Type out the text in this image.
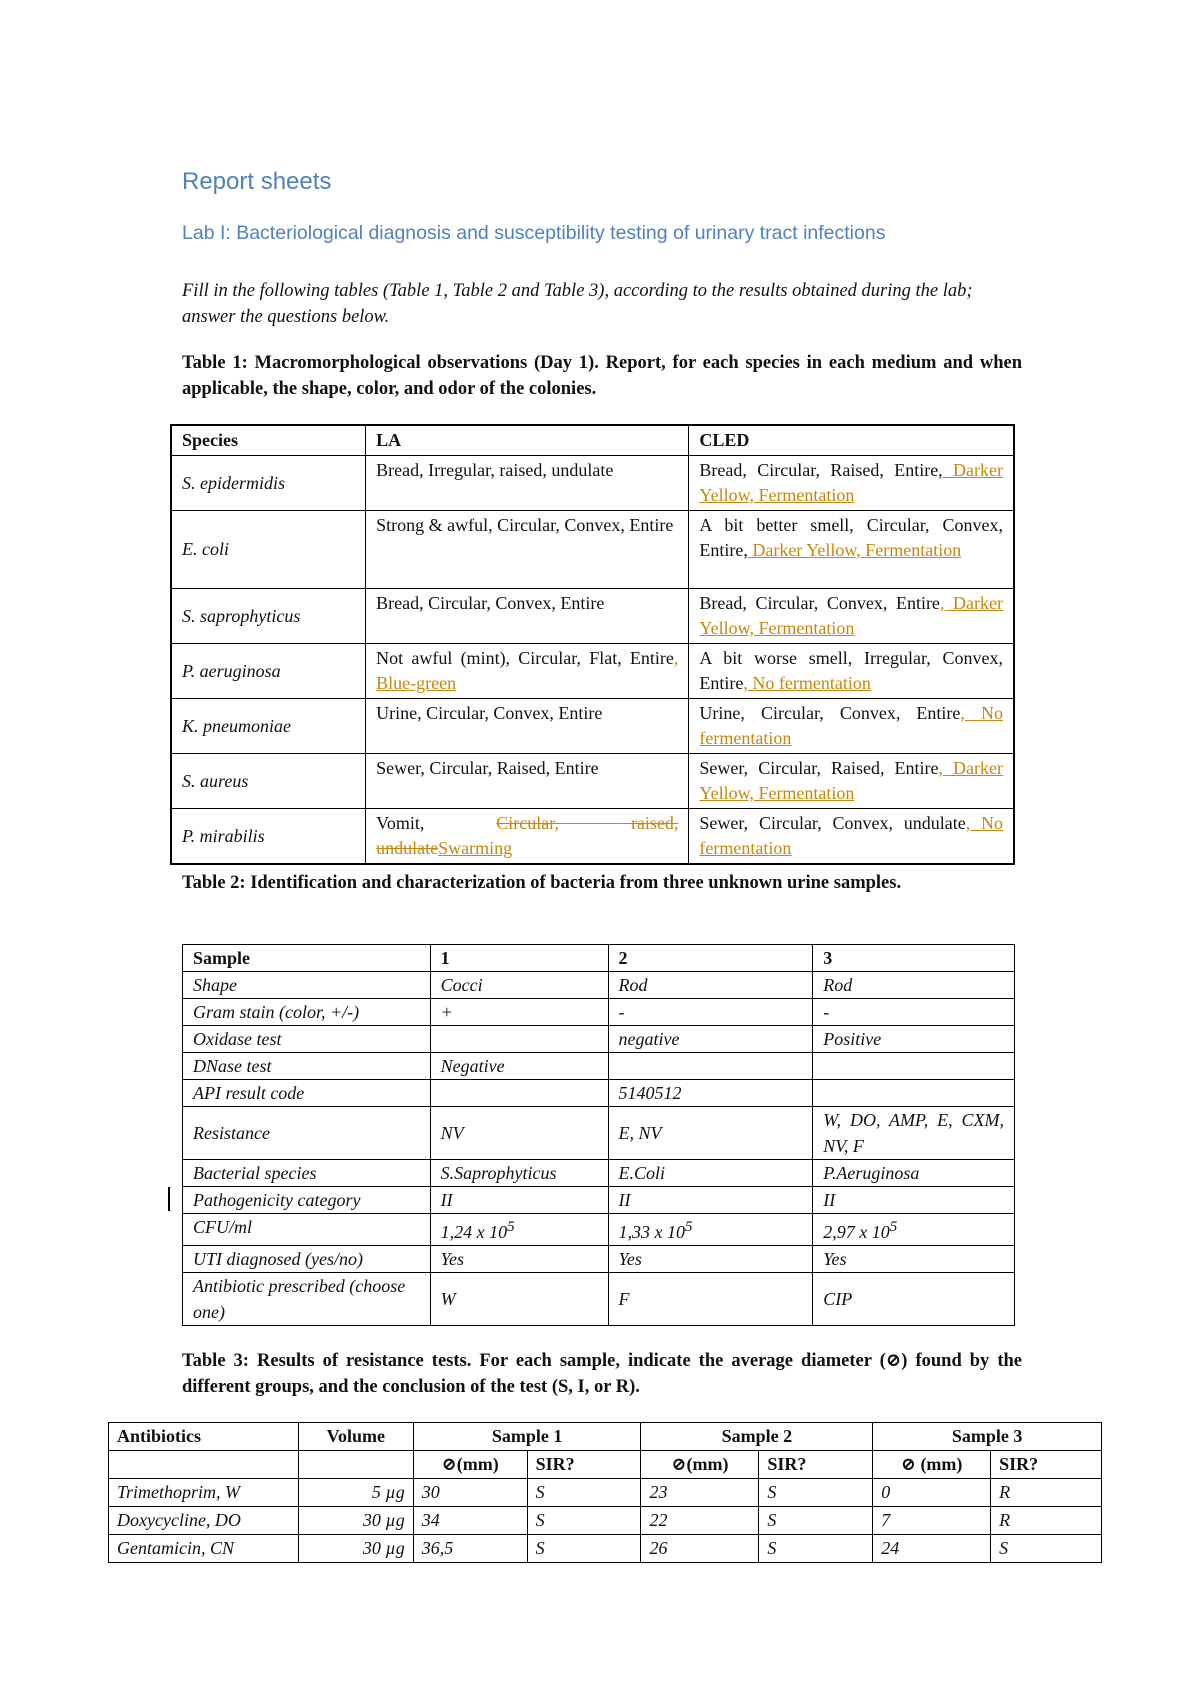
Report sheets
Lab I: Bacteriological diagnosis and susceptibility testing of urinary tract infections

Fill in the following tables (Table 1, Table 2 and Table 3), according to the results obtained during the lab; answer the questions below.

Table 1: Macromorphological observations (Day 1). Report, for each species in each medium and when applicable, the shape, color, and odor of the colonies.

Species	LA	CLED
S. epidermidis	Bread, Irregular, raised, undulate	Bread, Circular, Raised, Entire, Darker Yellow, Fermentation
E. coli	Strong & awful, Circular, Convex, Entire	A bit better smell, Circular, Convex, Entire, Darker Yellow, Fermentation
S. saprophyticus	Bread, Circular, Convex, Entire	Bread, Circular, Convex, Entire, Darker Yellow, Fermentation
P. aeruginosa	Not awful (mint), Circular, Flat, Entire, Blue-green	A bit worse smell, Irregular, Convex, Entire, No fermentation
K. pneumoniae	Urine, Circular, Convex, Entire	Urine, Circular, Convex, Entire, No fermentation
S. aureus	Sewer, Circular, Raised, Entire	Sewer, Circular, Raised, Entire, Darker Yellow, Fermentation
P. mirabilis	Vomit, Circular, raised, undulateSwarming	Sewer, Circular, Convex, undulate, No fermentation

Table 2: Identification and characterization of bacteria from three unknown urine samples.

Sample	1	2	3
Shape	Cocci	Rod	Rod
Gram stain (color, +/-)	+	-	-
Oxidase test		negative	Positive
DNase test	Negative		
API result code		5140512	
Resistance	NV	E, NV	W, DO, AMP, E, CXM, NV, F
Bacterial species	S.Saprophyticus	E.Coli	P.Aeruginosa
Pathogenicity category	II	II	II
CFU/ml	1,24 x $10^5$	1,33 x $10^5$	2,97 x $10^5$
UTI diagnosed (yes/no)	Yes	Yes	Yes
Antibiotic prescribed (choose one)	W	F	CIP

Table 3: Results of resistance tests. For each sample, indicate the average diameter (⊘) found by the different groups, and the conclusion of the test (S, I, or R).

Antibiotics	Volume	Sample 1		Sample 2		Sample 3	
		⊘(mm)	SIR?	⊘(mm)	SIR?	⊘ (mm)	SIR?
Trimethoprim, W	5 µg	30	S	23	S	0	R
Doxycycline, DO	30 µg	34	S	22	S	7	R
Gentamicin, CN	30 µg	36,5	S	26	S	24	S
